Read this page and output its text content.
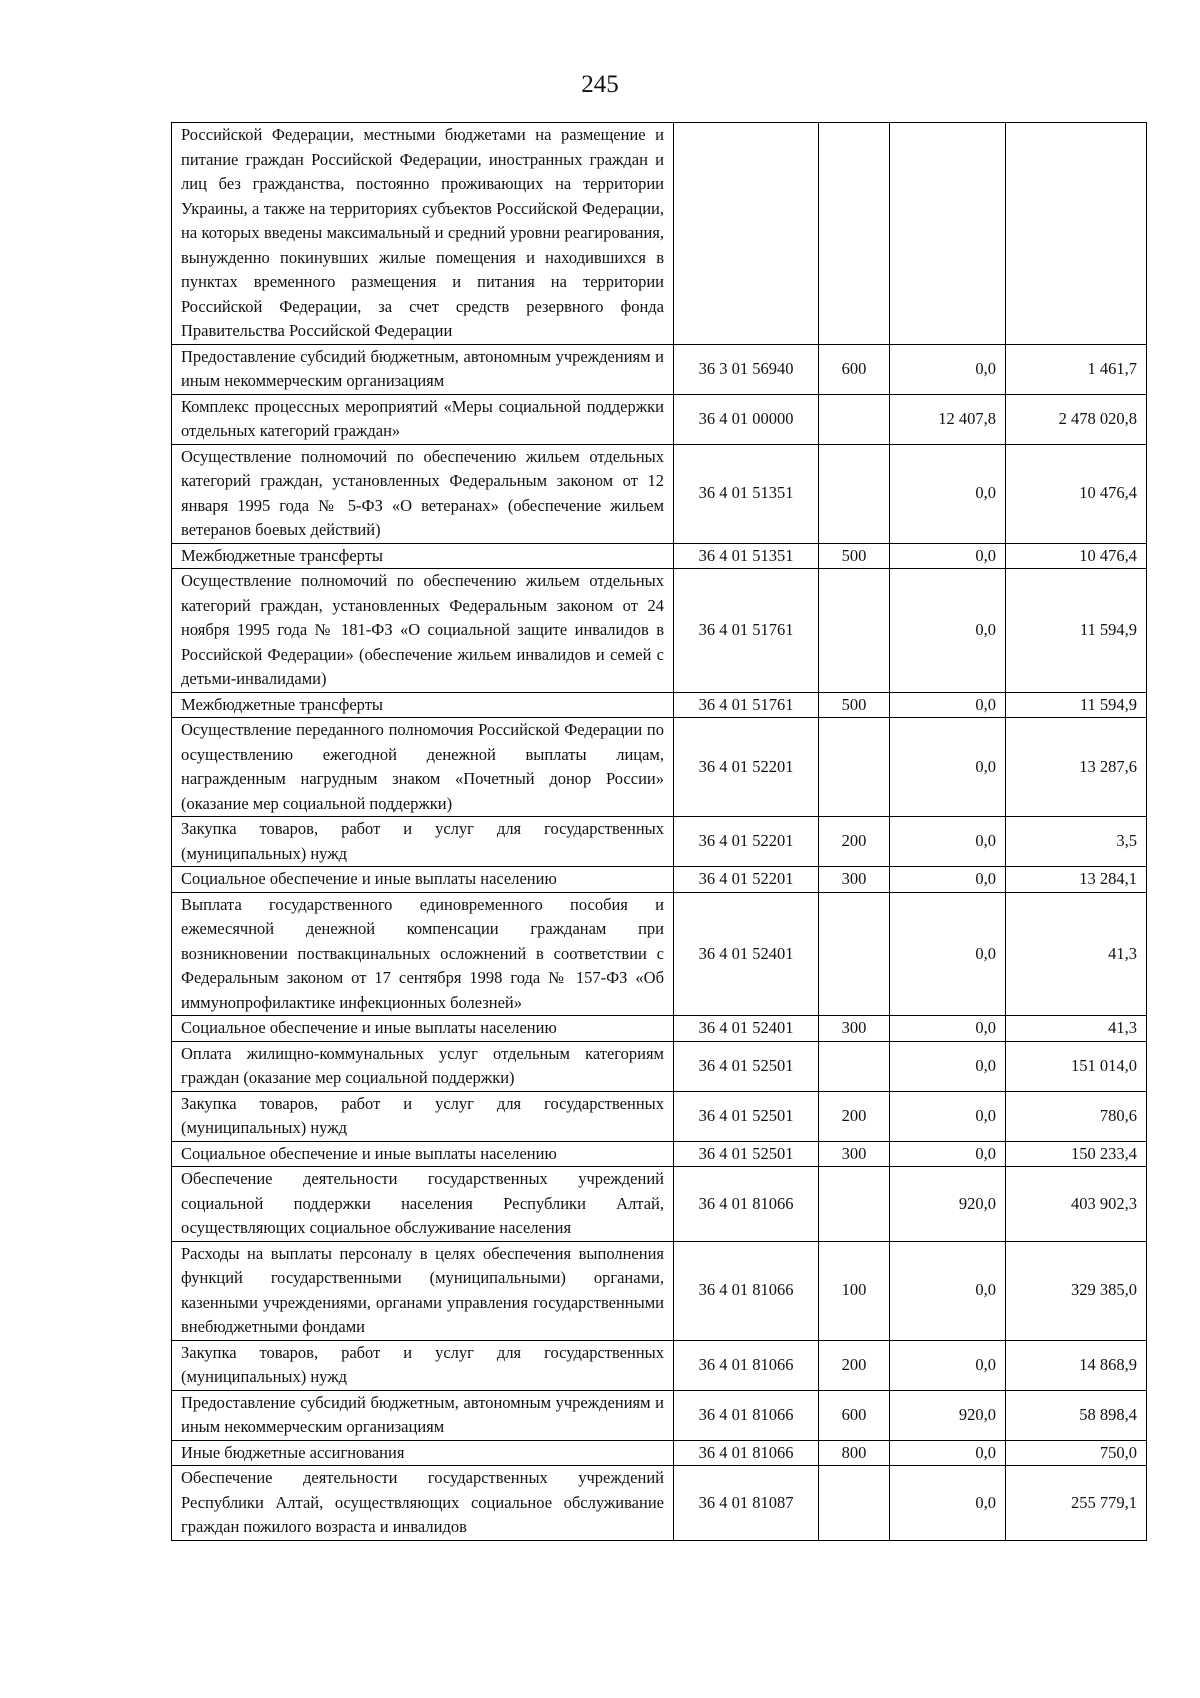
245
Российской Федерации, местными бюджетами на размещение и питание граждан Российской Федерации, иностранных граждан и лиц без гражданства, постоянно проживающих на территории Украины, а также на территориях субъектов Российской Федерации, на которых введены максимальный и средний уровни реагирования, вынужденно покинувших жилые помещения и находившихся в пунктах временного размещения и питания на территории Российской Федерации, за счет средств резервного фонда Правительства Российской Федерации				
Предоставление субсидий бюджетным, автономным учреждениям и иным некоммерческим организациям	36 3 01 56940	600	0,0	1 461,7
Комплекс процессных мероприятий «Меры социальной поддержки отдельных категорий граждан»	36 4 01 00000		12 407,8	2 478 020,8
Осуществление полномочий по обеспечению жильем отдельных категорий граждан, установленных Федеральным законом от 12 января 1995 года № 5-ФЗ «О ветеранах» (обеспечение жильем ветеранов боевых действий)	36 4 01 51351		0,0	10 476,4
Межбюджетные трансферты	36 4 01 51351	500	0,0	10 476,4
Осуществление полномочий по обеспечению жильем отдельных категорий граждан, установленных Федеральным законом от 24 ноября 1995 года № 181-ФЗ «О социальной защите инвалидов в Российской Федерации» (обеспечение жильем инвалидов и семей с детьми-инвалидами)	36 4 01 51761		0,0	11 594,9
Межбюджетные трансферты	36 4 01 51761	500	0,0	11 594,9
Осуществление переданного полномочия Российской Федерации по осуществлению ежегодной денежной выплаты лицам, награжденным нагрудным знаком «Почетный донор России» (оказание мер социальной поддержки)	36 4 01 52201		0,0	13 287,6
Закупка товаров, работ и услуг для государственных (муниципальных) нужд	36 4 01 52201	200	0,0	3,5
Социальное обеспечение и иные выплаты населению	36 4 01 52201	300	0,0	13 284,1
Выплата государственного единовременного пособия и ежемесячной денежной компенсации гражданам при возникновении поствакцинальных осложнений в соответствии с Федеральным законом от 17 сентября 1998 года № 157-ФЗ «Об иммунопрофилактике инфекционных болезней»	36 4 01 52401		0,0	41,3
Социальное обеспечение и иные выплаты населению	36 4 01 52401	300	0,0	41,3
Оплата жилищно-коммунальных услуг отдельным категориям граждан (оказание мер социальной поддержки)	36 4 01 52501		0,0	151 014,0
Закупка товаров, работ и услуг для государственных (муниципальных) нужд	36 4 01 52501	200	0,0	780,6
Социальное обеспечение и иные выплаты населению	36 4 01 52501	300	0,0	150 233,4
Обеспечение деятельности государственных учреждений социальной поддержки населения Республики Алтай, осуществляющих социальное обслуживание населения	36 4 01 81066		920,0	403 902,3
Расходы на выплаты персоналу в целях обеспечения выполнения функций государственными (муниципальными) органами, казенными учреждениями, органами управления государственными внебюджетными фондами	36 4 01 81066	100	0,0	329 385,0
Закупка товаров, работ и услуг для государственных (муниципальных) нужд	36 4 01 81066	200	0,0	14 868,9
Предоставление субсидий бюджетным, автономным учреждениям и иным некоммерческим организациям	36 4 01 81066	600	920,0	58 898,4
Иные бюджетные ассигнования	36 4 01 81066	800	0,0	750,0
Обеспечение деятельности государственных учреждений Республики Алтай, осуществляющих социальное обслуживание граждан пожилого возраста и инвалидов	36 4 01 81087		0,0	255 779,1
